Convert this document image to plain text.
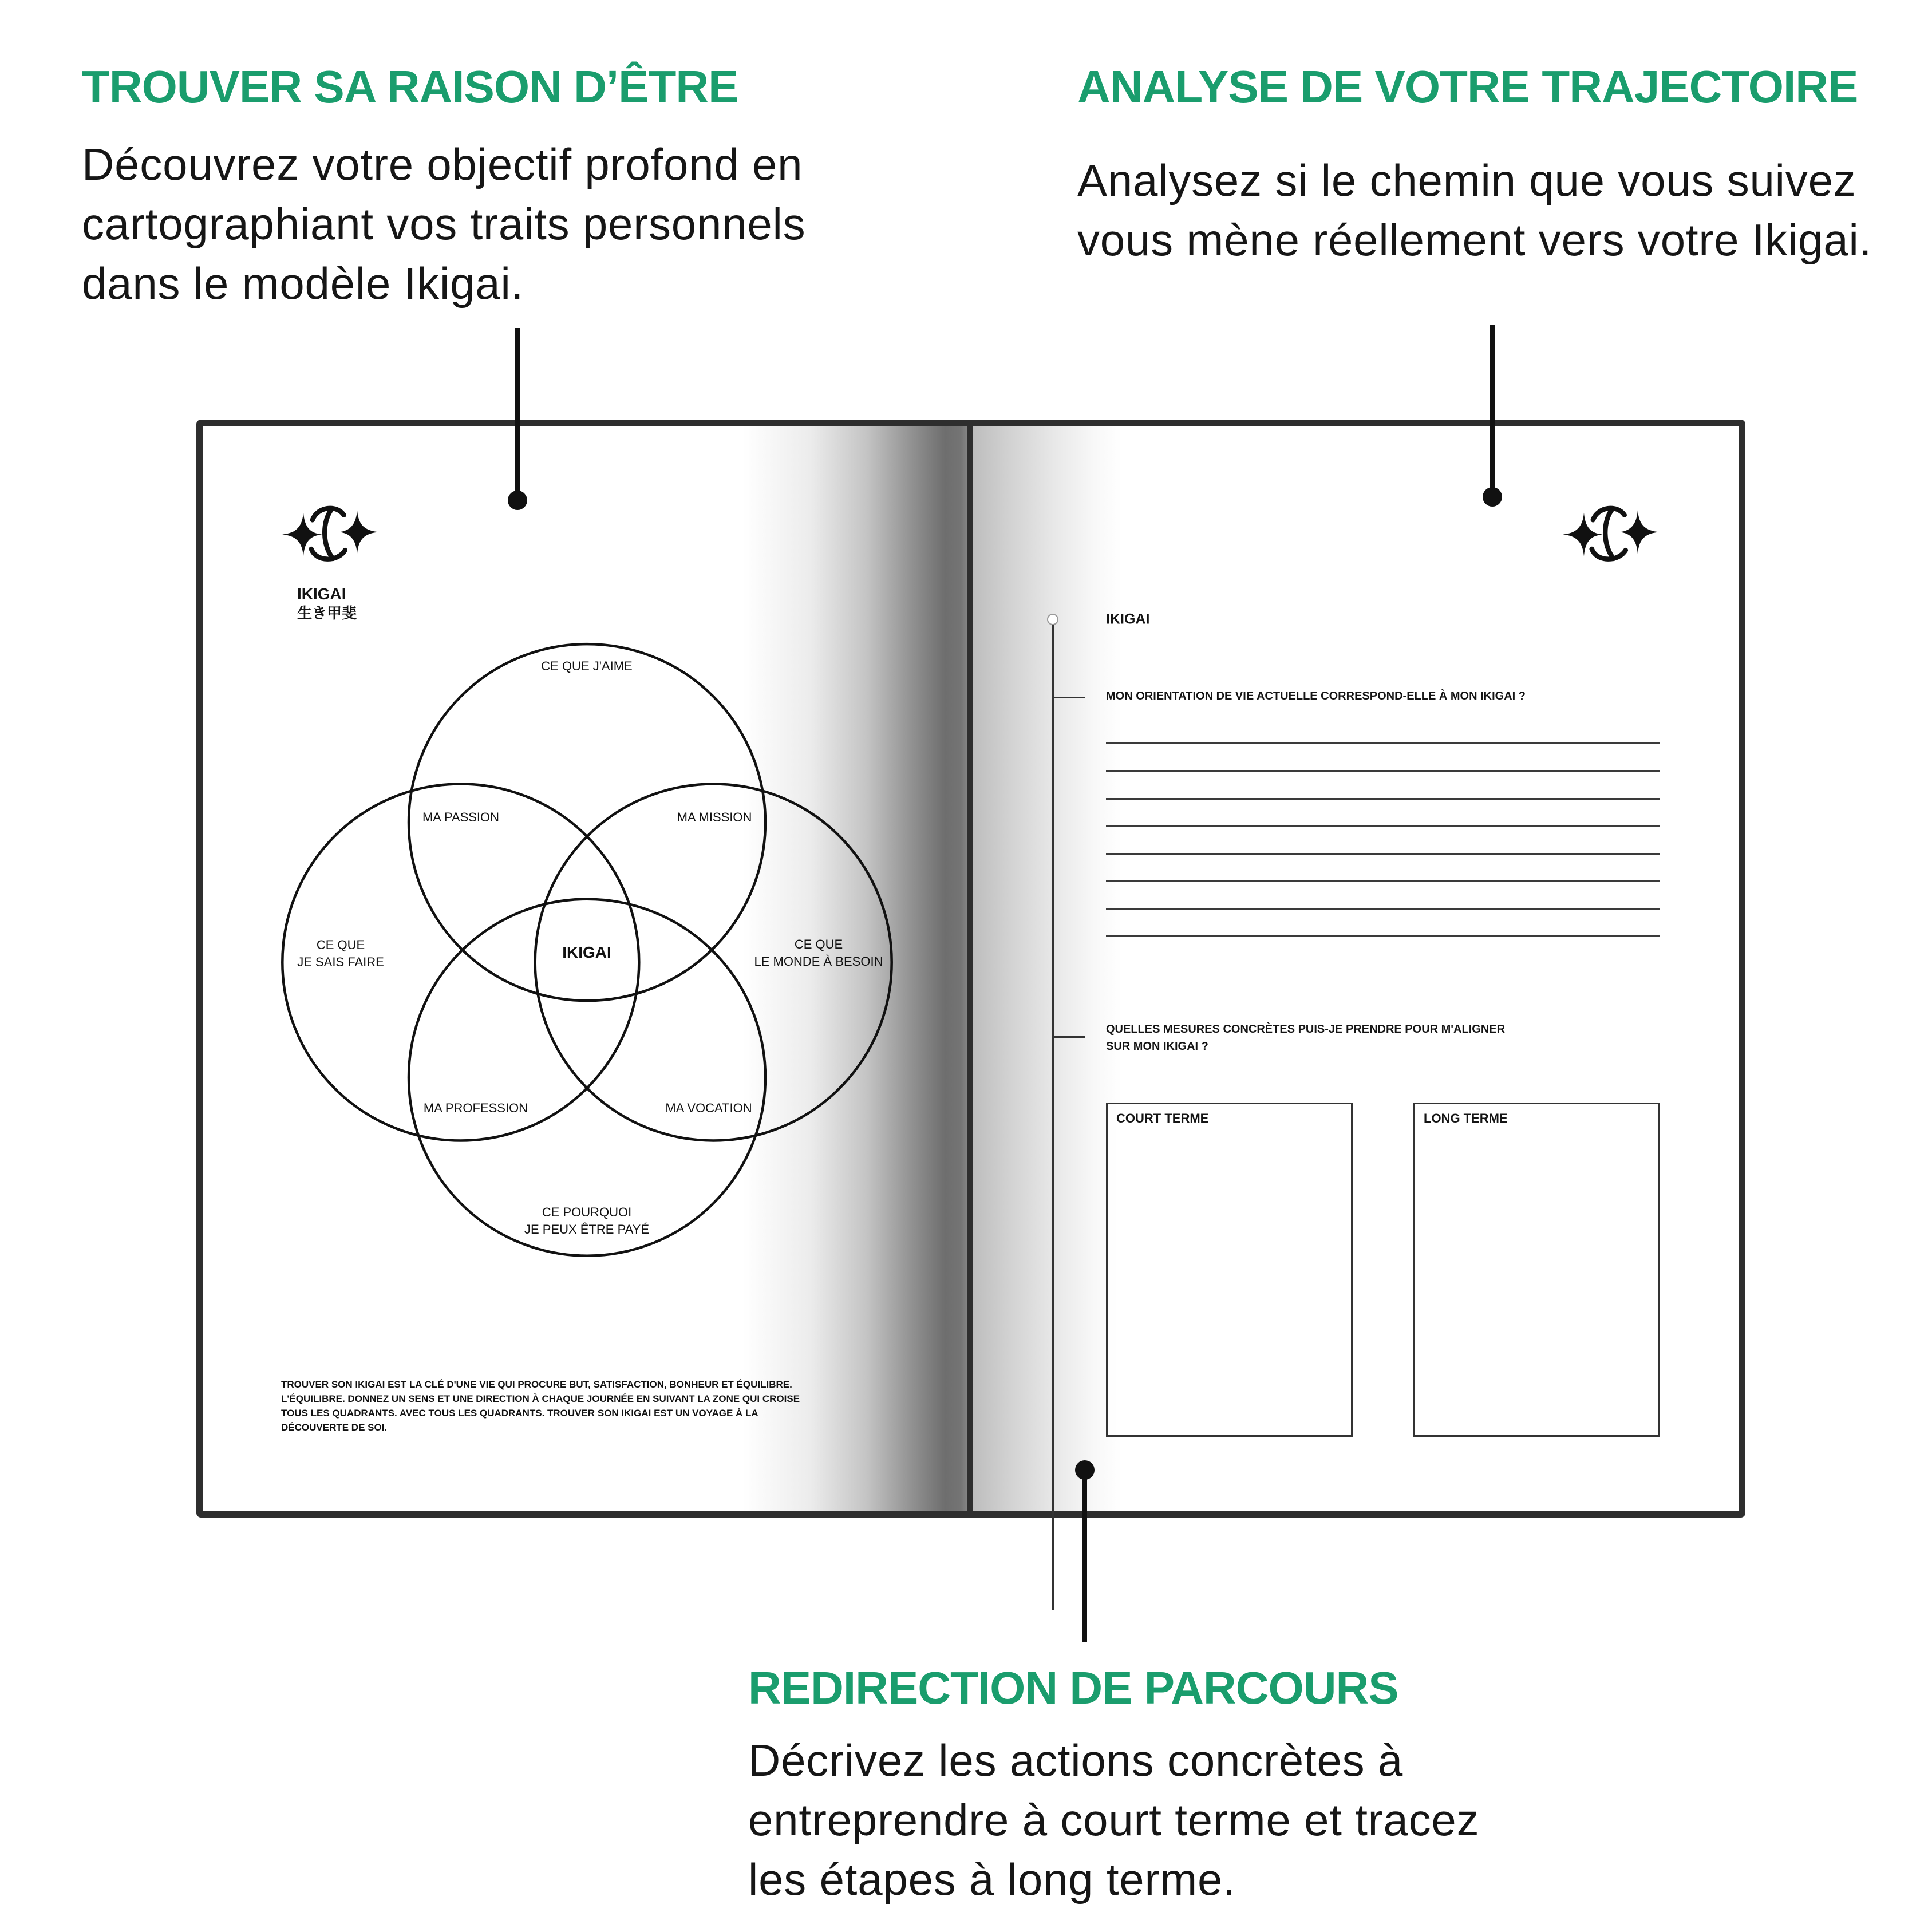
TROUVER SA RAISON D’ÊTRE
Découvrez votre objectif profond en
cartographiant vos traits personnels
dans le modèle Ikigai.
ANALYSE DE VOTRE TRAJECTOIRE
Analysez si le chemin que vous suivez
vous mène réellement vers votre Ikigai.
IKIGAI
生き甲斐
CE QUE J'AIME
MA PASSION	MA MISSION
CE QUE
JE SAIS FAIRE
IKIGAI	CE QUE
LE MONDE À BESOIN
MA PROFESSION	MA VOCATION
CE POURQUOI
JE PEUX ÊTRE PAYÉ
TROUVER SON IKIGAI EST LA CLÉ D'UNE VIE QUI PROCURE BUT, SATISFACTION, BONHEUR ET ÉQUILIBRE.
L'ÉQUILIBRE. DONNEZ UN SENS ET UNE DIRECTION À CHAQUE JOURNÉE EN SUIVANT LA ZONE QUI CROISE
TOUS LES QUADRANTS. AVEC TOUS LES QUADRANTS. TROUVER SON IKIGAI EST UN VOYAGE À LA
DÉCOUVERTE DE SOI.
IKIGAI
MON ORIENTATION DE VIE ACTUELLE CORRESPOND-ELLE À MON IKIGAI ?
QUELLES MESURES CONCRÈTES PUIS-JE PRENDRE POUR M'ALIGNER
SUR MON IKIGAI ?
COURT TERME	LONG TERME
REDIRECTION DE PARCOURS
Décrivez les actions concrètes à
entreprendre à court terme et tracez
les étapes à long terme.
